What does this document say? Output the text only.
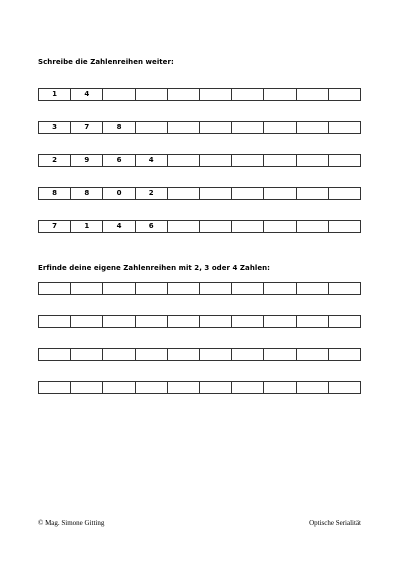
Schreibe die Zahlenreihen weiter:
1	4
3	7	8
2	9	6	4
8	8	0	2
7	1	4	6
Erfinde deine eigene Zahlenreihen mit 2, 3 oder 4 Zahlen:
© Mag. Simone Gitting	Optische Serialität
